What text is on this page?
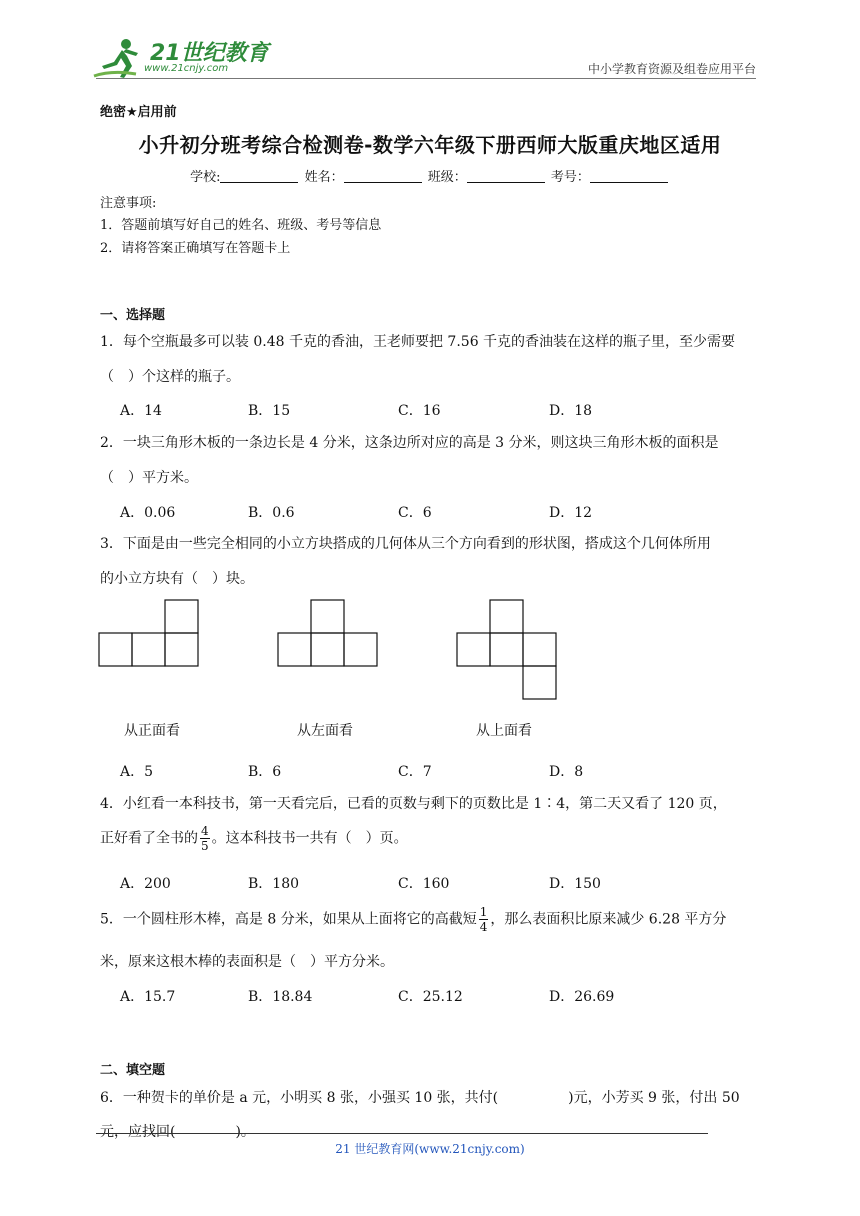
21世纪教育
www.21cnjy.com	中小学教育资源及组卷应用平台
绝密★启用前
小升初分班考综合检测卷-数学六年级下册西师大版重庆地区适用
学校:	姓名：	班级：	考号：
注意事项:
1．答题前填写好自己的姓名、班级、考号等信息
2．请将答案正确填写在答题卡上
一、选择题
1．每个空瓶最多可以装 0.48 千克的香油，王老师要把 7.56 千克的香油装在这样的瓶子里，至少需要
（　）个这样的瓶子。
A．14	B．15	C．16	D．18
2．一块三角形木板的一条边长是 4 分米，这条边所对应的高是 3 分米，则这块三角形木板的面积是
（　）平方米。
A．0.06	B．0.6	C．6	D．12
3．下面是由一些完全相同的小立方块搭成的几何体从三个方向看到的形状图，搭成这个几何体所用
的小立方块有（　）块。
从正面看	从左面看	从上面看
A．5	B．6	C．7	D．8
4．小红看一本科技书，第一天看完后，已看的页数与剩下的页数比是 1∶4，第二天又看了 120 页，
正好看了全书的 $\frac{4}{5}$ 。这本科技书一共有（　）页。
A．200	B．180	C．160	D．150
5．一个圆柱形木棒，高是 8 分米，如果从上面将它的高截短 $\frac{1}{4}$ ，那么表面积比原来减少 6.28 平方分
米，原来这根木棒的表面积是（　）平方分米。
A．15.7	B．18.84	C．25.12	D．26.69
二、填空题
6．一种贺卡的单价是 a 元，小明买 8 张，小强买 10 张，共付(	)元，小芳买 9 张，付出 50
元，应找回(	)。
21 世纪教育网(www.21cnjy.com)
